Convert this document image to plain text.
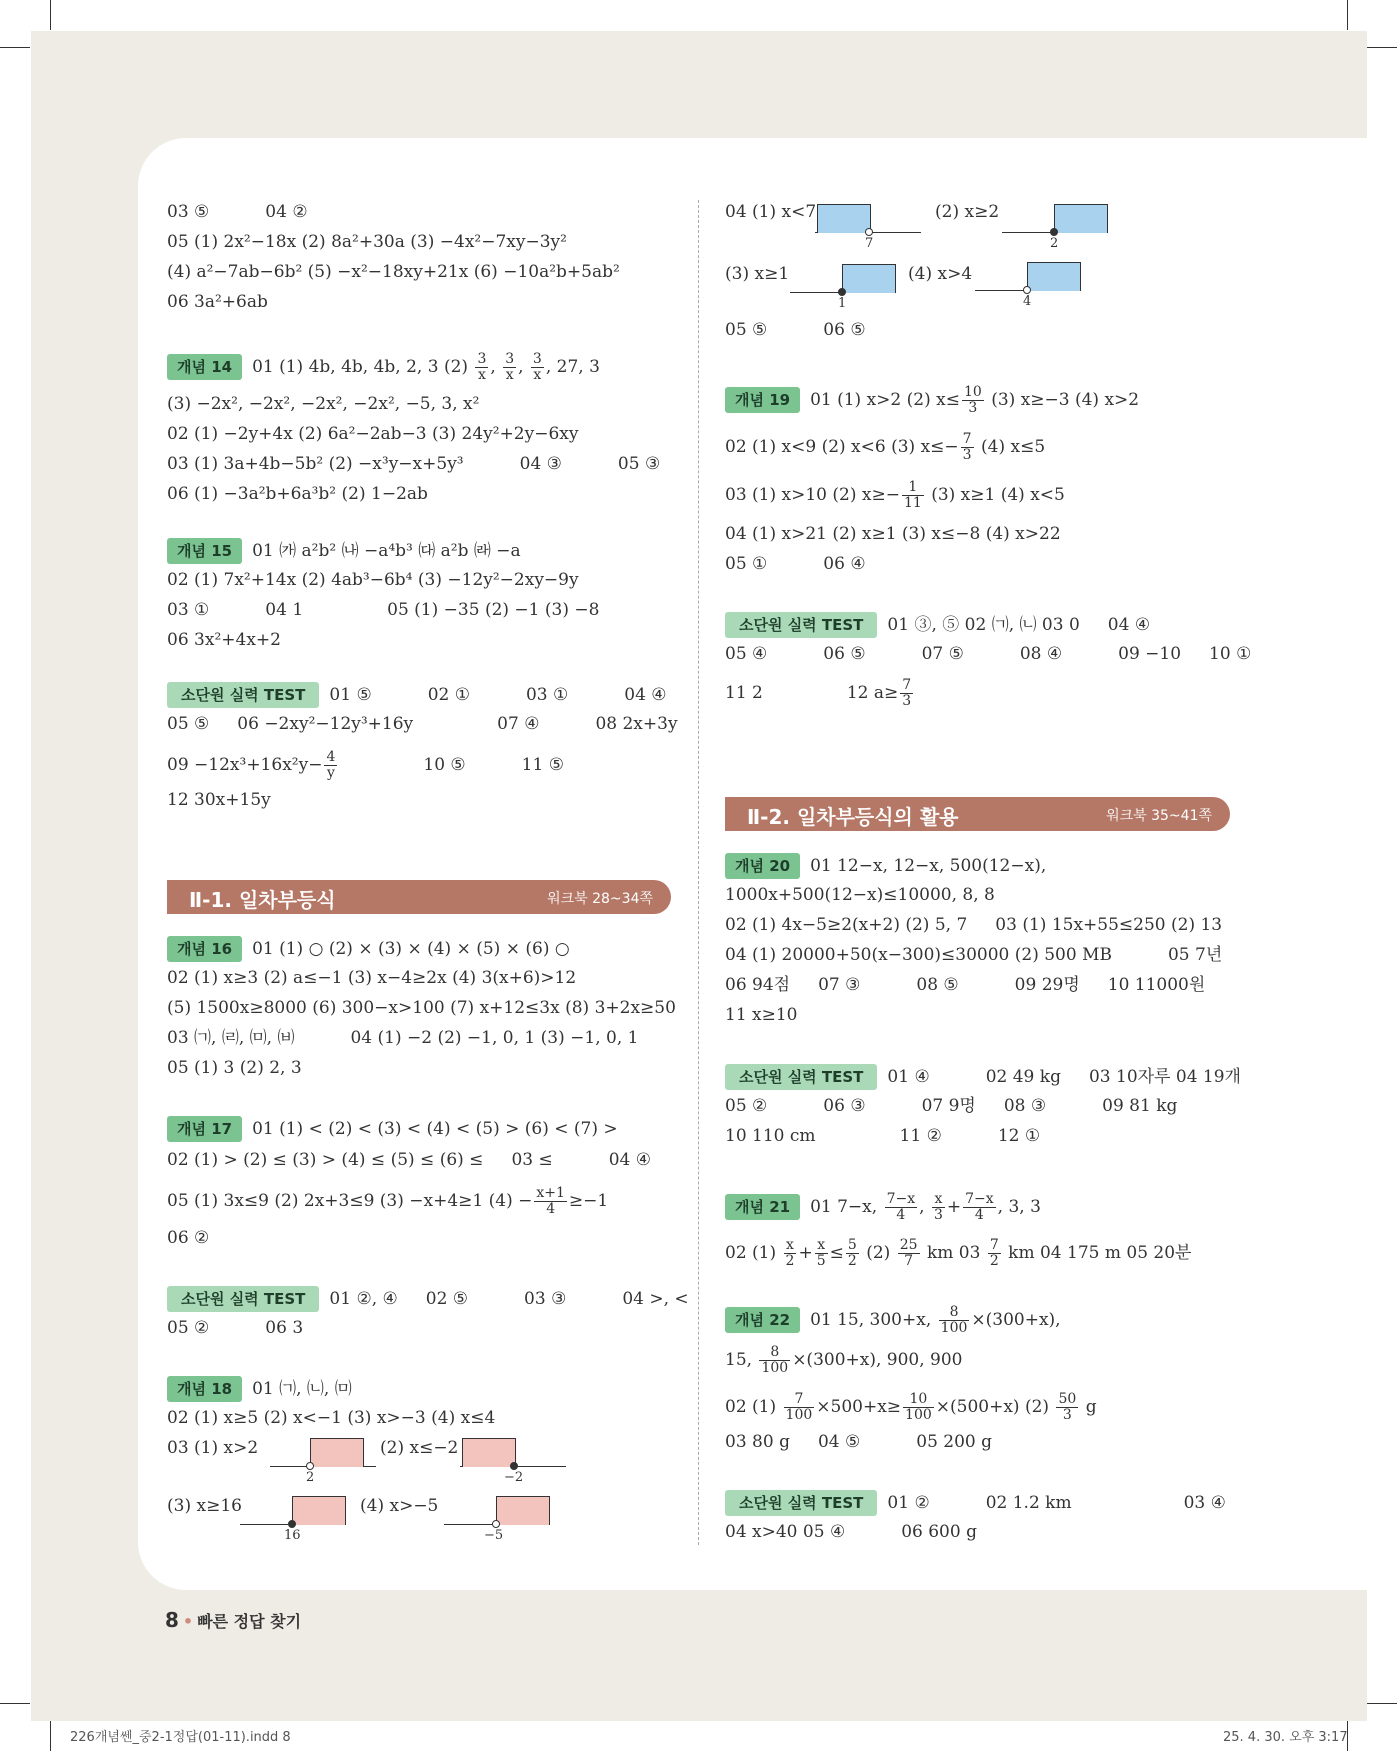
03 ⑤	04 ②
05 (1) 2x²−18x (2) 8a²+30a (3) −4x²−7xy−3y²
(4) a²−7ab−6b² (5) −x²−18xy+21x (6) −10a²b+5ab²
06 3a²+6ab
개념 14 01 (1) 4b, 4b, 4b, 2, 3 $(2) \frac{3}{x}$ , $\frac{3}{x}$ , $\frac{3}{x}$ , 27, 3
(3) −2x², −2x², −2x², −2x², −5, 3, x²
02 (1) −2y+4x (2) 6a²−2ab−3 (3) 24y²+2y−6xy
03 (1) 3a+4b−5b² (2) −x³y−x+5y³	04 ③	05 ③
06 (1) −3a²b+6a³b² (2) 1−2ab
개념 15 01 ㈎ a²b² ㈏ −a⁴b³ ㈐ a²b ㈑ −a
02 (1) 7x²+14x (2) 4ab³−6b⁴ (3) −12y²−2xy−9y
03 ①	04 1	05 (1) −35 (2) −1 (3) −8
06 3x²+4x+2
소단원 실력 TEST 01 ⑤	02 ①	03 ①	04 ④
05 ⑤ 06 −2xy²−12y³+16y	07 ④	08 2x+3y
$09 -12x^3+16x^2y- \frac{4}{y}$	10 ⑤	11 ⑤
12 30x+15y
Ⅱ-1. 일차부등식	워크북 28~34쪽
개념 16 01 (1) ○ (2) × (3) × (4) × (5) × (6) ○
02 (1) x≥3 (2) a≤−1 (3) x−4≥2x (4) 3(x+6)>12
(5) 1500x≥8000 (6) 300−x>100 (7) x+12≤3x (8) 3+2x≥50
03 ㈀, ㈃, ㈄, ㈅	04 (1) −2 (2) −1, 0, 1 (3) −1, 0, 1
05 (1) 3 (2) 2, 3
개념 17 01 (1) < (2) < (3) < (4) < (5) > (6) < (7) >
02 (1) > (2) ≤ (3) > (4) ≤ (5) ≤ (6) ≤ 03 ≤	04 ④
05 (1) 3x≤9 (2) 2x+3≤9 (3) −x+4≥1 $(4) - \frac{x+1}{4} \ge-1$
06 ②
소단원 실력 TEST 01 ②, ④ 02 ⑤	03 ③	04 >, <
05 ②	06 3
개념 18 01 ㈀, ㈁, ㈄
02 (1) x≥5 (2) x<−1 (3) x>−3 (4) x≤4
03 (1) x>2	(2) x≤−2
(3) x≥16	(4) x>−5
2	−2
16	−5
04 (1) x<7	(2) x≥2
(3) x≥1	(4) x>4
7	2
1	4
05 ⑤	06 ⑤
개념 19 01 (1) x>2 (2) $x\le \frac{10}{3} (3)$ x≥−3 (4) x>2
02 (1) x<9 (2) x<6 (3) $x\le- \frac{7}{3} (4)$ x≤5
03 (1) x>10 (2) $x\ge- \frac{1}{11} (3)$ x≥1 (4) x<5
04 (1) x>21 (2) x≥1 (3) x≤−8 (4) x>22
05 ①	06 ④
소단원 실력 TEST 01 ③, ⑤ 02 ㈀, ㈁ 03 0 04 ④
05 ④	06 ⑤	07 ⑤	08 ④	09 −10 10 ①
11 2	12 $a\ge \frac{7}{3}$
Ⅱ-2. 일차부등식의 활용	워크북 35~41쪽
개념 20 01 12−x, 12−x, 500(12−x),
1000x+500(12−x)≤10000, 8, 8
02 (1) 4x−5≥2(x+2) (2) 5, 7 03 (1) 15x+55≤250 (2) 13
04 (1) 20000+50(x−300)≤30000 (2) 500 MB	05 7년
06 94점 07 ③	08 ⑤	09 29명 10 11000원
11 x≥10
소단원 실력 TEST 01 ④	02 49 kg 03 10자루 04 19개
05 ②	06 ③	07 9명 08 ③	09 81 kg
10 110 cm	11 ②	12 ①
개념 21 01 7−x, $\frac{7-x}{4}$ , $\frac{x}{3} + \frac{7-x}{4}$ , 3, 3
02 $(1) \frac{x}{2} + \frac{x}{5} \le \frac{5}{2} (2) \frac{25}{7}$ km $03 \frac{7}{2}$ km 04 175 m 05 20분
개념 22 01 15, 300+x, $\frac{8}{100} \times(300+x)$,
15, $\frac{8}{100} \times(300+x)$, 900, 900
02 $(1) \frac{7}{100} \times 500+x\ge \frac{10}{100} \times(500+x)$ $(2) \frac{50}{3}$ g
03 80 g 04 ⑤	05 200 g
소단원 실력 TEST 01 ②	02 1.2 km	03 ④
04 x>40 05 ④	06 600 g
8 • 빠른 정답 찾기
226개념쎈_중2-1정답(01-11).indd 8	25. 4. 30. 오후 3:17
